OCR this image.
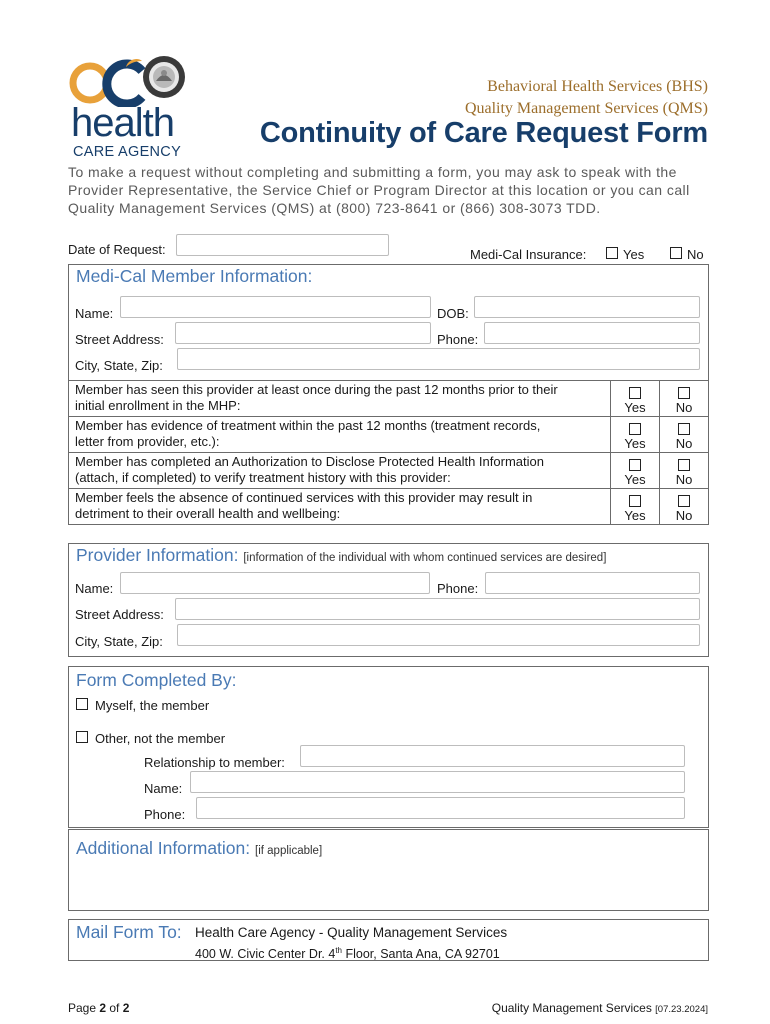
health
CARE AGENCY
Behavioral Health Services (BHS)
Quality Management Services (QMS)
Continuity of Care Request Form
To make a request without completing and submitting a form, you may ask to speak with the Provider Representative, the Service Chief or Program Director at this location or you can call Quality Management Services (QMS) at (800) 723-8641 or (866) 308-3073 TDD.
Date of Request:	Medi-Cal Insurance:	Yes	No
Medi-Cal Member Information:
Name:	DOB:
Street Address:	Phone:
City, State, Zip:
Member has seen this provider at least once during the past 12 months prior to their
initial enrollment in the MHP:	Yes	No
Member has evidence of treatment within the past 12 months (treatment records,
letter from provider, etc.):	Yes	No
Member has completed an Authorization to Disclose Protected Health Information
(attach, if completed) to verify treatment history with this provider:	Yes	No
Member feels the absence of continued services with this provider may result in
detriment to their overall health and wellbeing:	Yes	No
Provider Information: [information of the individual with whom continued services are desired]
Name:	Phone:
Street Address:
City, State, Zip:
Form Completed By:
Myself, the member
Other, not the member
Relationship to member:
Name:
Phone:
Additional Information: [if applicable]
Mail Form To: Health Care Agency - Quality Management Services
400 W. Civic Center Dr. 4th Floor, Santa Ana, CA 92701
Page 2 of 2	Quality Management Services [07.23.2024]
